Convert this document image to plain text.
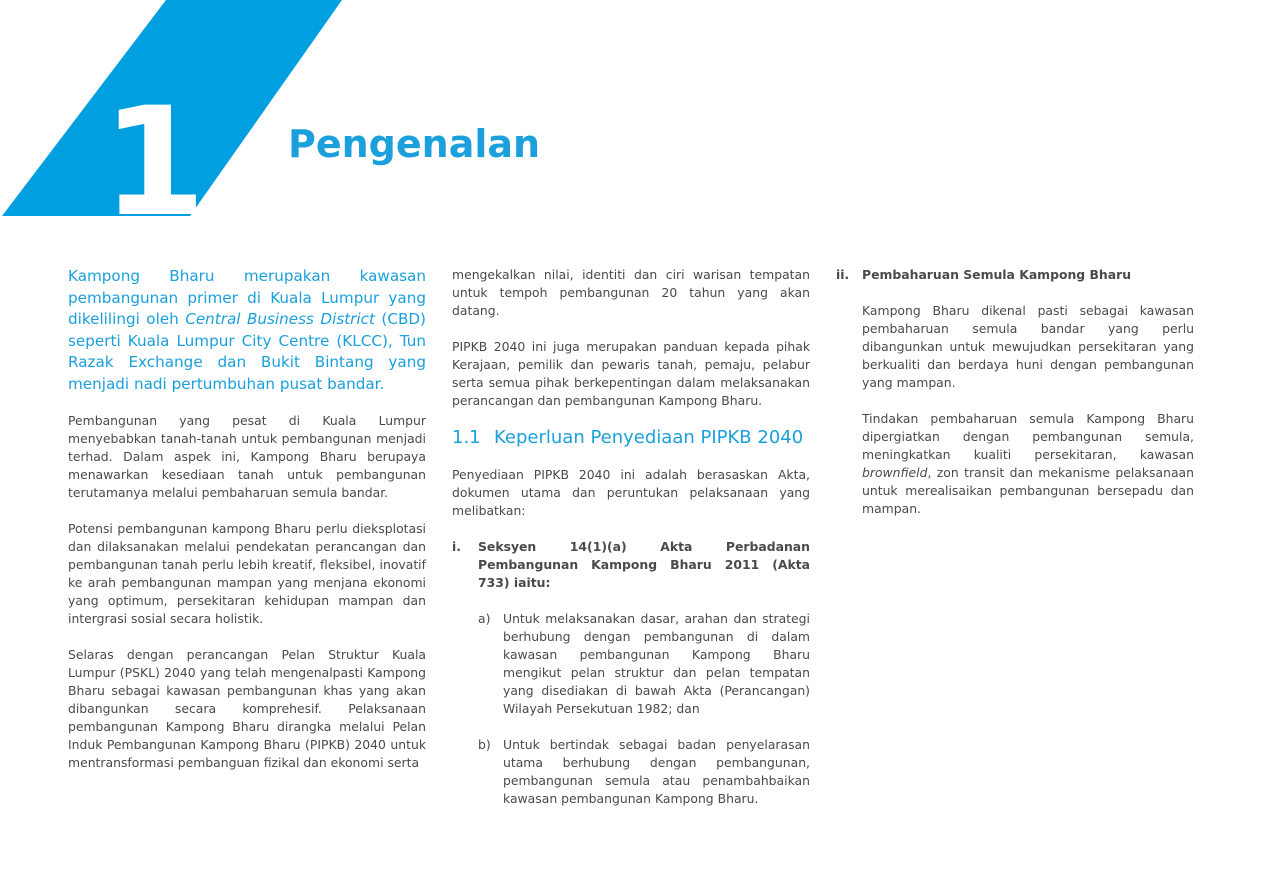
1 Pengenalan

Kampong Bharu merupakan kawasan pembangunan primer di Kuala Lumpur yang dikelilingi oleh Central Business District (CBD) seperti Kuala Lumpur City Centre (KLCC), Tun Razak Exchange dan Bukit Bintang yang menjadi nadi pertumbuhan pusat bandar.

Pembangunan yang pesat di Kuala Lumpur menyebabkan tanah-tanah untuk pembangunan menjadi terhad. Dalam aspek ini, Kampong Bharu berupaya menawarkan kesediaan tanah untuk pembangunan terutamanya melalui pembaharuan semula bandar.

Potensi pembangunan kampong Bharu perlu dieksplotasi dan dilaksanakan melalui pendekatan perancangan dan pembangunan tanah perlu lebih kreatif, fleksibel, inovatif ke arah pembangunan mampan yang menjana ekonomi yang optimum, persekitaran kehidupan mampan dan intergrasi sosial secara holistik.

Selaras dengan perancangan Pelan Struktur Kuala Lumpur (PSKL) 2040 yang telah mengenalpasti Kampong Bharu sebagai kawasan pembangunan khas yang akan dibangunkan secara komprehesif. Pelaksanaan pembangunan Kampong Bharu dirangka melalui Pelan Induk Pembangunan Kampong Bharu (PIPKB) 2040 untuk mentransformasi pembanguan fizikal dan ekonomi serta

mengekalkan nilai, identiti dan ciri warisan tempatan untuk tempoh pembangunan 20 tahun yang akan datang.

PIPKB 2040 ini juga merupakan panduan kepada pihak Kerajaan, pemilik dan pewaris tanah, pemaju, pelabur serta semua pihak berkepentingan dalam melaksanakan perancangan dan pembangunan Kampong Bharu.

1.1 Keperluan Penyediaan PIPKB 2040

Penyediaan PIPKB 2040 ini adalah berasaskan Akta, dokumen utama dan peruntukan pelaksanaan yang melibatkan:

i.	Seksyen 14(1)(a) Akta Perbadanan Pembangunan Kampong Bharu 2011 (Akta 733) iaitu:
a)	Untuk melaksanakan dasar, arahan dan strategi berhubung dengan pembangunan di dalam kawasan pembangunan Kampong Bharu mengikut pelan struktur dan pelan tempatan yang disediakan di bawah Akta (Perancangan) Wilayah Persekutuan 1982; dan
b) Untuk bertindak sebagai badan penyelarasan utama berhubung dengan pembangunan, pembangunan semula atau penambahbaikan kawasan pembangunan Kampong Bharu.
ii.	Pembaharuan Semula Kampong Bharu

Kampong Bharu dikenal pasti sebagai kawasan pembaharuan semula bandar yang perlu dibangunkan untuk mewujudkan persekitaran yang berkualiti dan berdaya huni dengan pembangunan yang mampan.

Tindakan pembaharuan semula Kampong Bharu dipergiatkan dengan pembangunan semula, meningkatkan kualiti persekitaran, kawasan brownfield, zon transit dan mekanisme pelaksanaan untuk merealisaikan pembangunan bersepadu dan mampan.
